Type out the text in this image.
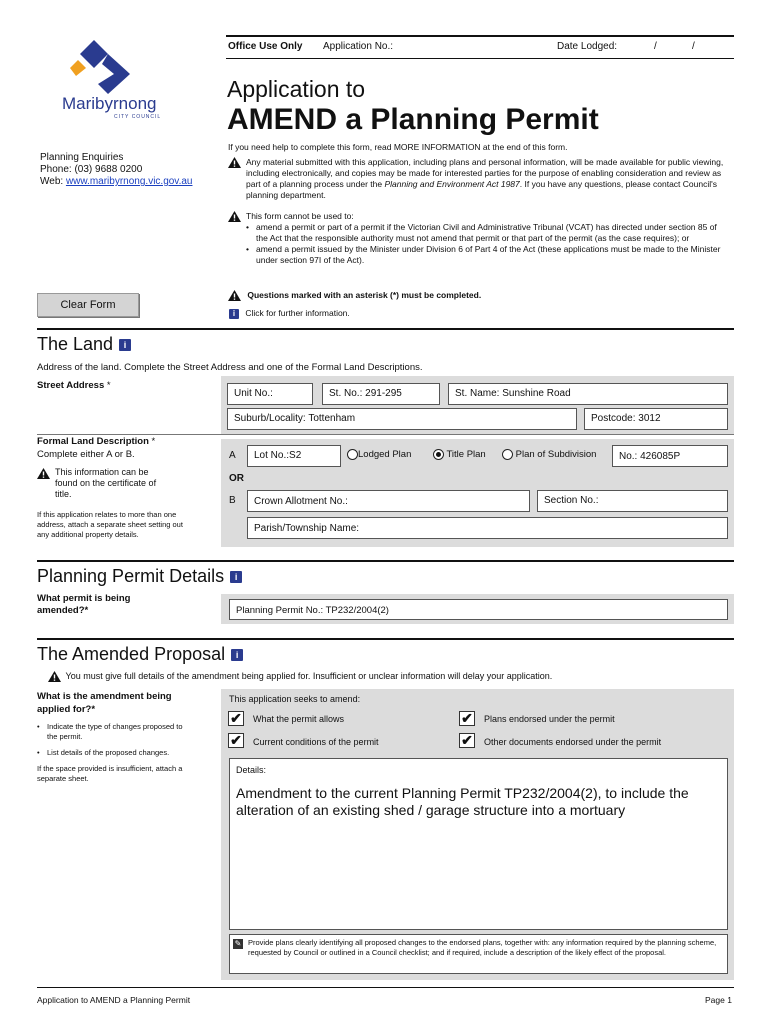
Office Use Only Application No.:	Date Lodged:	/	/
Maribyrnong
CITY COUNCIL
Planning Enquiries
Phone: (03) 9688 0200
Web: www.maribyrnong.vic.gov.au
Application to
AMEND a Planning Permit
If you need help to complete this form, read MORE INFORMATION at the end of this form.
Any material submitted with this application, including plans and personal information, will be made available for public viewing, including electronically, and copies may be made for interested parties for the purpose of enabling consideration and review as part of a planning process under the Planning and Environment Act 1987. If you have any questions, please contact Council's planning department.
This form cannot be used to:
• amend a permit or part of a permit if the Victorian Civil and Administrative Tribunal (VCAT) has directed under section 85 of the Act that the responsible authority must not amend that permit or that part of the permit (as the case requires); or
• amend a permit issued by the Minister under Division 6 of Part 4 of the Act (these applications must be made to the Minister under section 97I of the Act).
Questions marked with an asterisk (*) must be completed.
i Click for further information.
Clear Form
The Land i
Address of the land. Complete the Street Address and one of the Formal Land Descriptions.
Street Address *
Unit No.:	St. No.: 291-295	St. Name: Sunshine Road
Suburb/Locality: Tottenham	Postcode: 3012
Formal Land Description *
Complete either A or B.
This information can be found on the certificate of title.
If this application relates to more than one address, attach a separate sheet setting out any additional property details.
A	Lot No.:S2	Lodged Plan	Title Plan	Plan of Subdivision	No.: 426085P
OR
B	Crown Allotment No.:	Section No.:
Parish/Township Name:
Planning Permit Details i
What permit is being amended?*	Planning Permit No.: TP232/2004(2)
The Amended Proposal i
You must give full details of the amendment being applied for. Insufficient or unclear information will delay your application.
What is the amendment being applied for?*
• Indicate the type of changes proposed to the permit.
• List details of the proposed changes.
If the space provided is insufficient, attach a separate sheet.
This application seeks to amend:
✔ What the permit allows	✔ Plans endorsed under the permit
✔ Current conditions of the permit	✔ Other documents endorsed under the permit
Details:
Amendment to the current Planning Permit TP232/2004(2), to include the alteration of an existing shed / garage structure into a mortuary
✎ Provide plans clearly identifying all proposed changes to the endorsed plans, together with: any information required by the planning scheme, requested by Council or outlined in a Council checklist; and if required, include a description of the likely effect of the proposal.
Application to AMEND a Planning Permit	Page 1
